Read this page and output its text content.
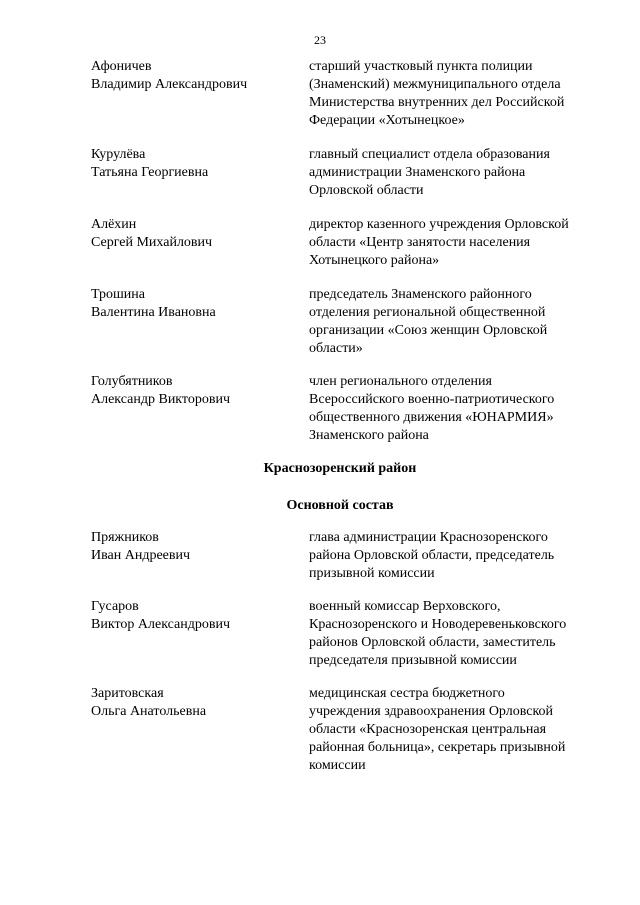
23
Афоничев
Владимир Александрович
старший участковый пункта полиции
(Знаменский) межмуниципального отдела
Министерства внутренних дел Российской
Федерации «Хотынецкое»
Курулёва
Татьяна Георгиевна
главный специалист отдела образования
администрации Знаменского района
Орловской области
Алёхин
Сергей Михайлович
директор казенного учреждения Орловской
области «Центр занятости населения
Хотынецкого района»
Трошина
Валентина Ивановна
председатель Знаменского районного
отделения региональной общественной
организации «Союз женщин Орловской
области»
Голубятников
Александр Викторович
член регионального отделения
Всероссийского военно-патриотического
общественного движения «ЮНАРМИЯ»
Знаменского района
Краснозоренский район
Основной состав
Пряжников
Иван Андреевич
глава администрации Краснозоренского
района Орловской области, председатель
призывной комиссии
Гусаров
Виктор Александрович
военный комиссар Верховского,
Краснозоренского и Новодеревеньковского
районов Орловской области, заместитель
председателя призывной комиссии
Заритовская
Ольга Анатольевна
медицинская сестра бюджетного
учреждения здравоохранения Орловской
области «Краснозоренская центральная
районная больница», секретарь призывной
комиссии
